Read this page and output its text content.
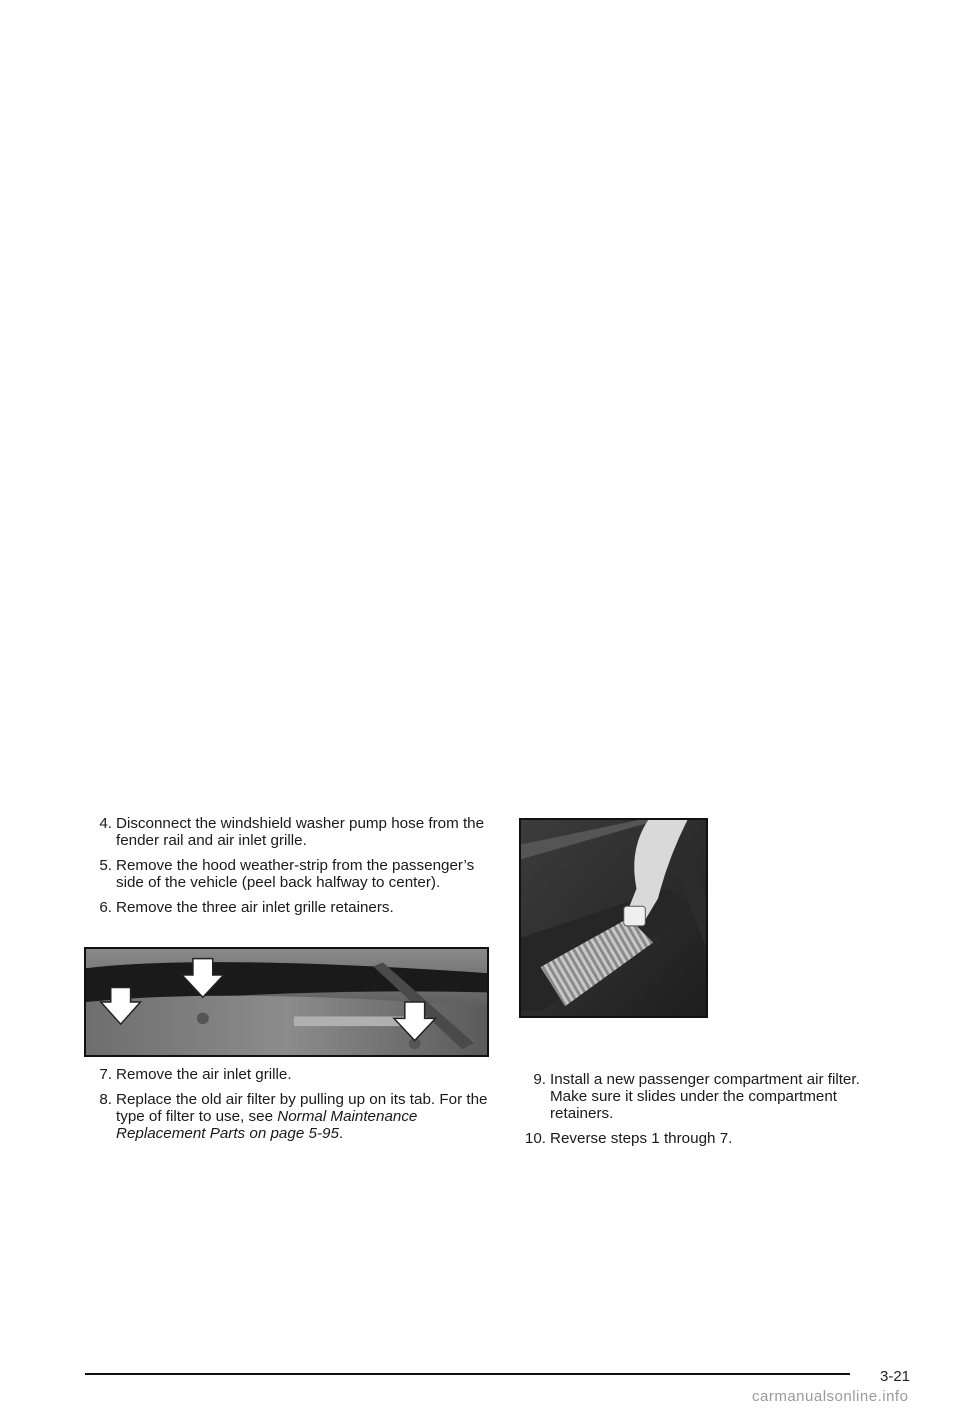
4. Disconnect the windshield washer pump hose from the fender rail and air inlet grille.
5. Remove the hood weather-strip from the passenger’s side of the vehicle (peel back halfway to center).
6. Remove the three air inlet grille retainers.
7. Remove the air inlet grille.
8. Replace the old air filter by pulling up on its tab. For the type of filter to use, see Normal Maintenance Replacement Parts on page 5-95.
9. Install a new passenger compartment air filter. Make sure it slides under the compartment retainers.
10. Reverse steps 1 through 7.
3-21
carmanualsonline.info
